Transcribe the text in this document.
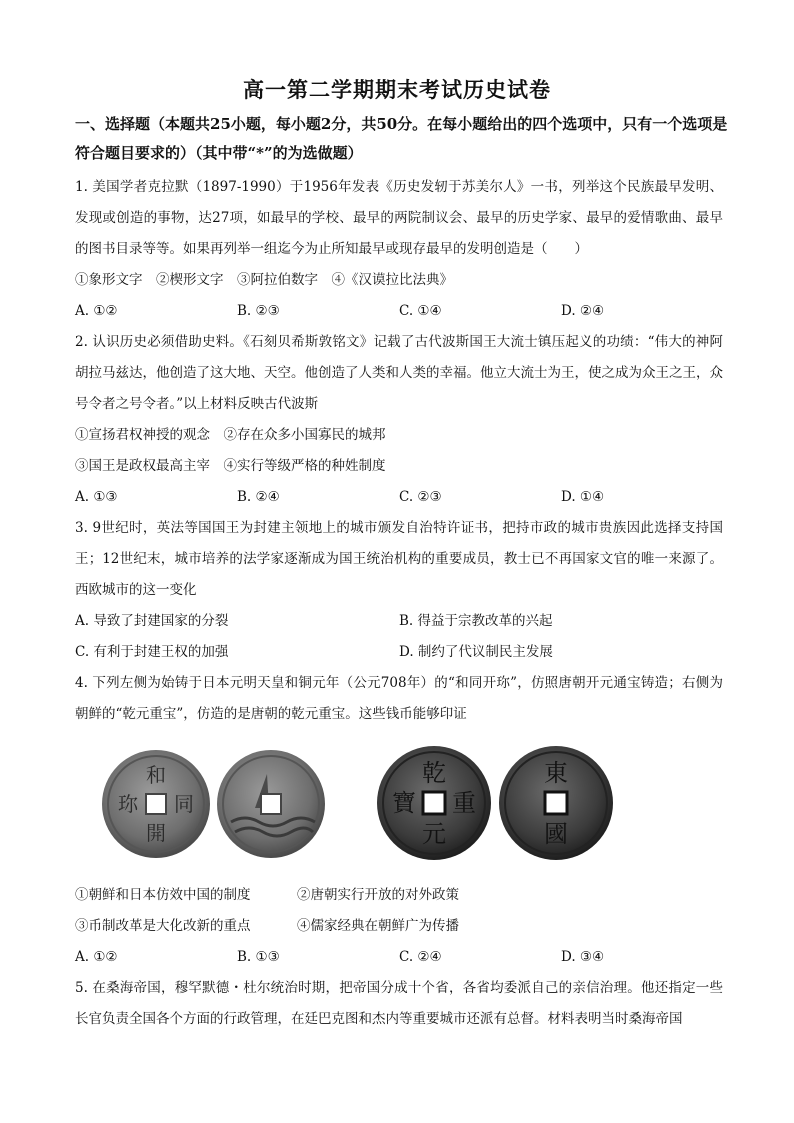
高一第二学期期末考试历史试卷
一、选择题（本题共25小题，每小题2分，共50分。在每小题给出的四个选项中，只有一个选项是符合题目要求的）（其中带“*”的为选做题）

1. 美国学者克拉默（1897-1990）于1956年发表《历史发轫于苏美尔人》一书，列举这个民族最早发明、发现或创造的事物，达27项，如最早的学校、最早的两院制议会、最早的历史学家、最早的爱情歌曲、最早的图书目录等等。如果再列举一组迄今为止所知最早或现存最早的发明创造是（　　）

①象形文字　②楔形文字　③阿拉伯数字　④《汉谟拉比法典》

A. ①②	B. ②③	C. ①④	D. ②④

2. 认识历史必须借助史料。《石刻贝希斯敦铭文》记载了古代波斯国王大流士镇压起义的功绩：“伟大的神阿胡拉马兹达，他创造了这大地、天空。他创造了人类和人类的幸福。他立大流士为王，使之成为众王之王，众号令者之号令者。”以上材料反映古代波斯

①宣扬君权神授的观念　②存在众多小国寡民的城邦

③国王是政权最高主宰　④实行等级严格的种姓制度

A. ①③	B. ②④	C. ②③	D. ①④

3. 9世纪时，英法等国国王为封建主领地上的城市颁发自治特许证书，把持市政的城市贵族因此选择支持国王；12世纪末，城市培养的法学家逐渐成为国王统治机构的重要成员，教士已不再国家文官的唯一来源了。西欧城市的这一变化

A. 导致了封建国家的分裂	B. 得益于宗教改革的兴起
C. 有利于封建王权的加强	D. 制约了代议制民主发展

4. 下列左侧为始铸于日本元明天皇和铜元年（公元708年）的“和同开珎”，仿照唐朝开元通宝铸造；右侧为朝鲜的“乾元重宝”，仿造的是唐朝的乾元重宝。这些钱币能够印证

和
同
開
珎
乾
重
元
寶
東
國
①朝鲜和日本仿效中国的制度	②唐朝实行开放的对外政策
③币制改革是大化改新的重点	④儒家经典在朝鲜广为传播
A. ①②	B. ①③	C. ②④	D. ③④

5. 在桑海帝国，穆罕默德・杜尔统治时期，把帝国分成十个省，各省均委派自己的亲信治理。他还指定一些长官负责全国各个方面的行政管理，在廷巴克图和杰内等重要城市还派有总督。材料表明当时桑海帝国
